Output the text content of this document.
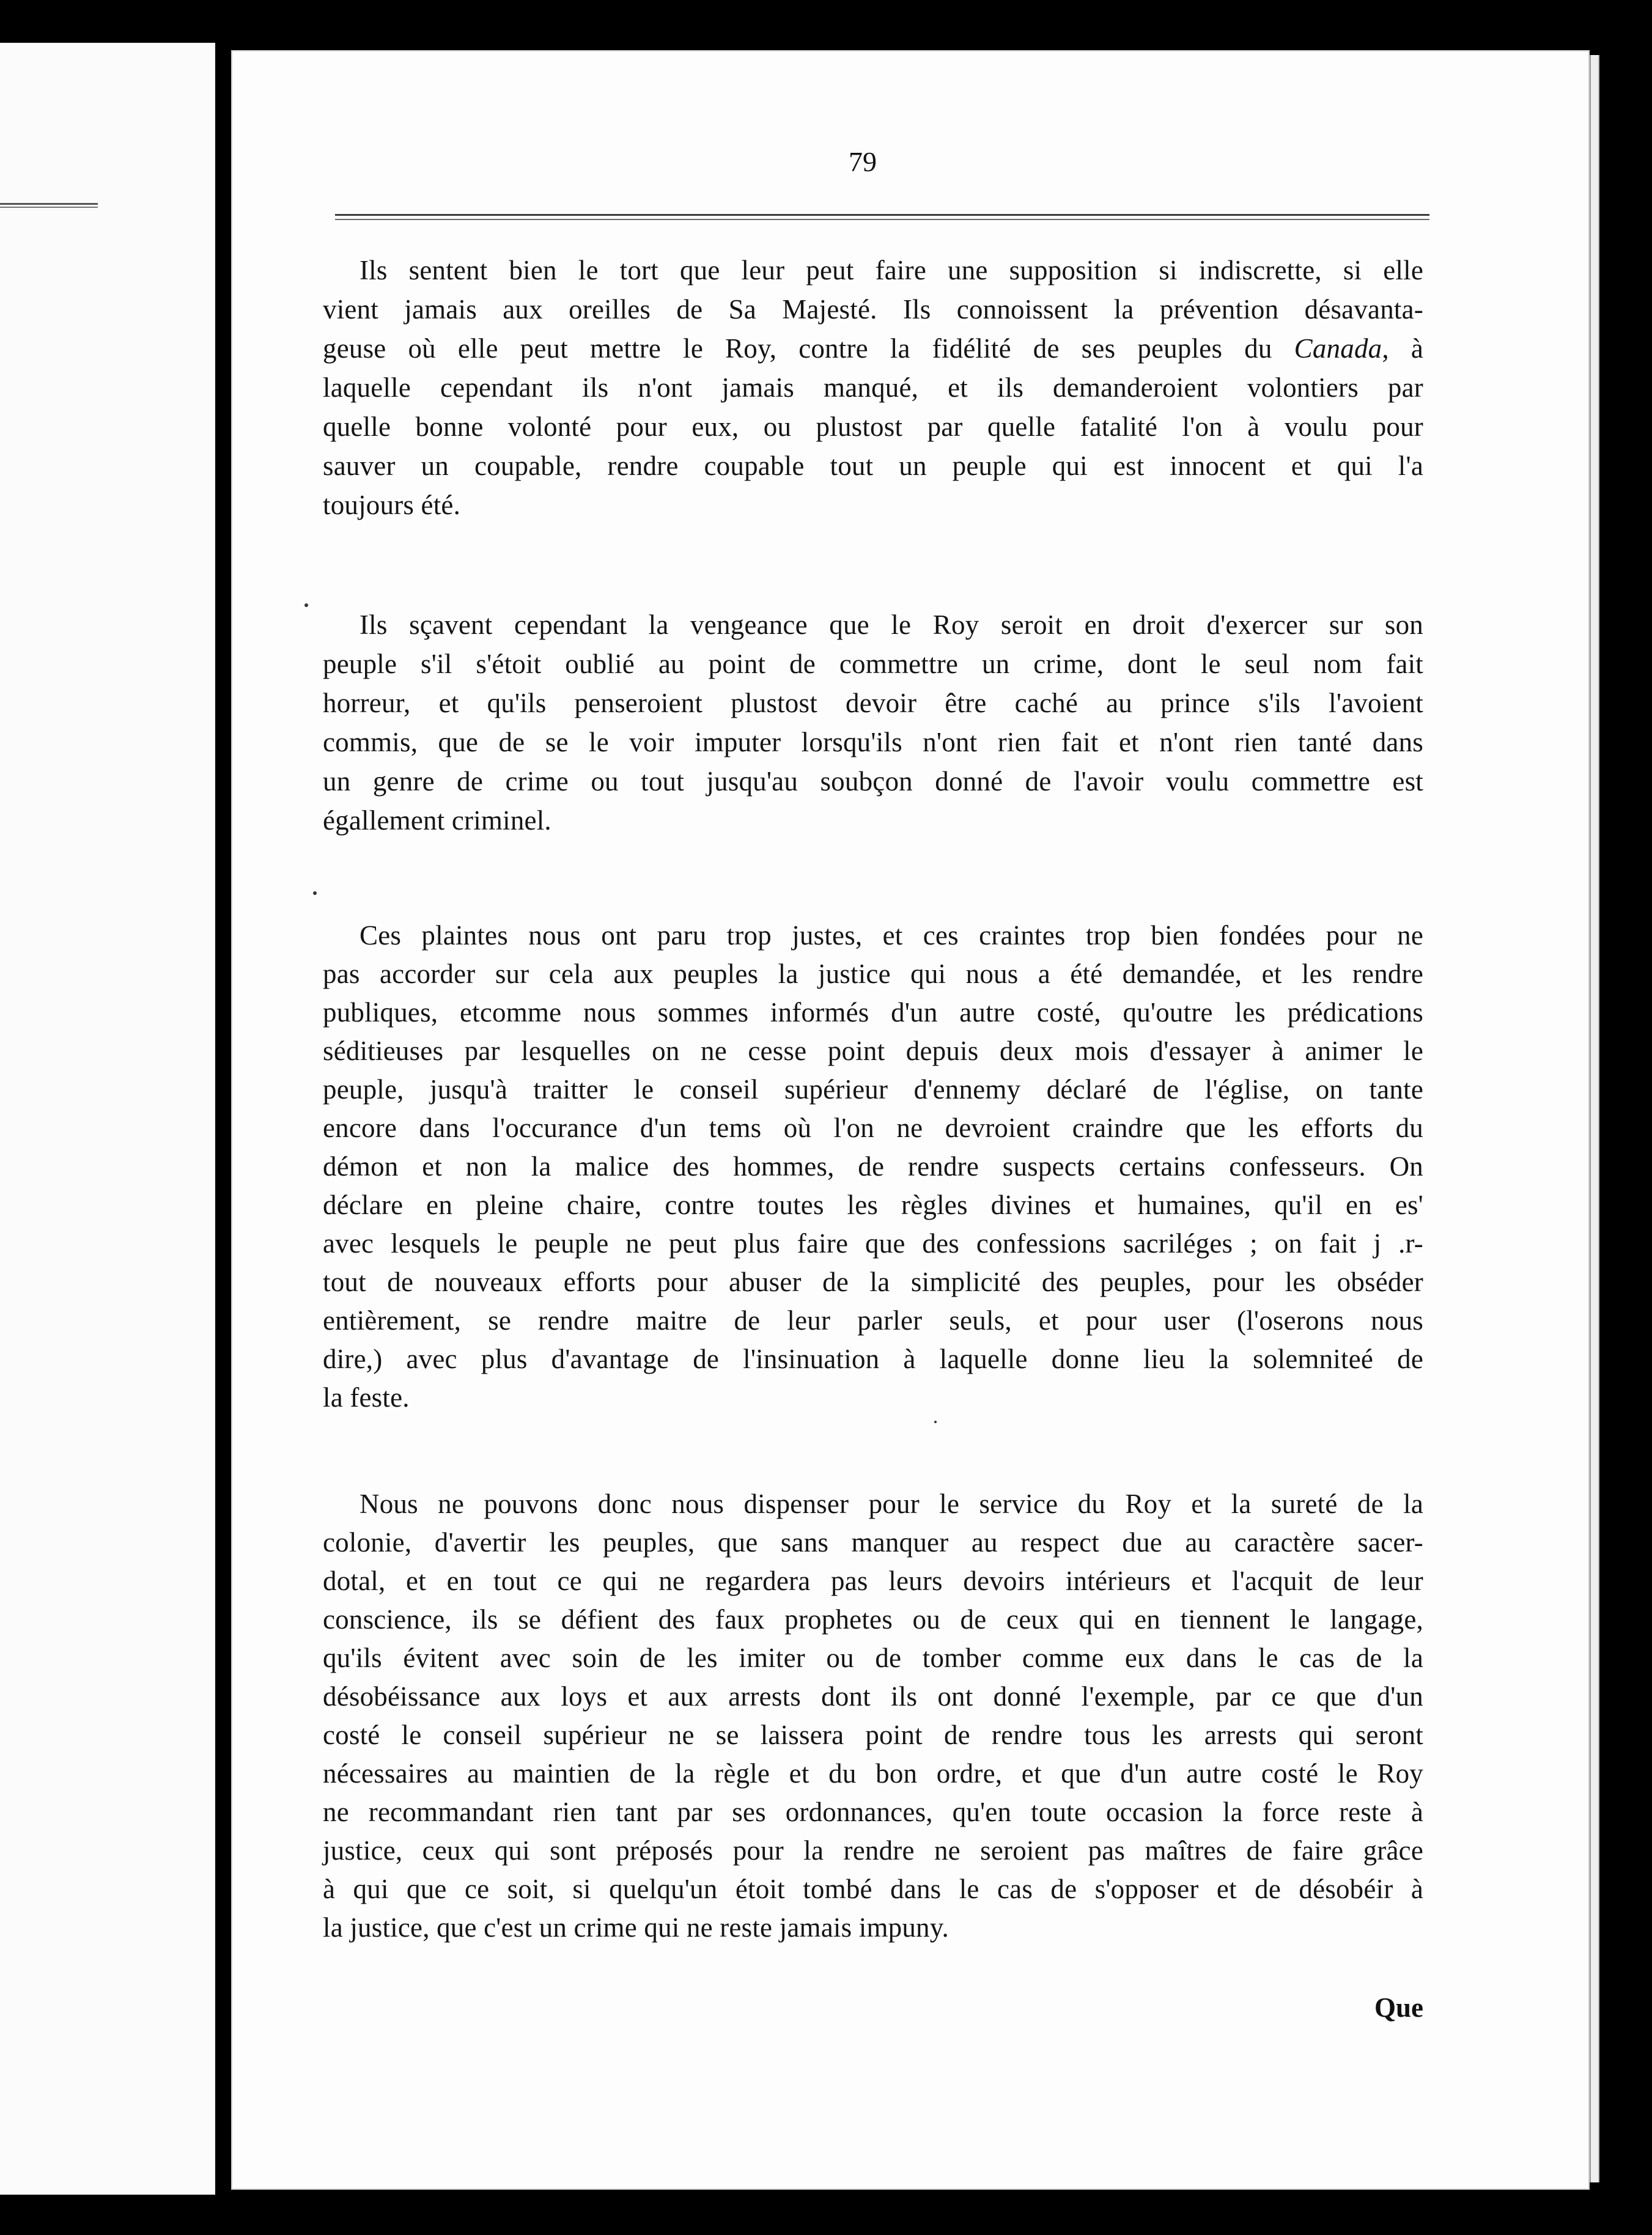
79
Ils sentent bien le tort que leur peut faire une supposition si indiscrette, si elle
vient jamais aux oreilles de Sa Majesté. Ils connoissent la prévention désavanta-
geuse où elle peut mettre le Roy, contre la fidélité de ses peuples du Canada, à
laquelle cependant ils n'ont jamais manqué, et ils demanderoient volontiers par
quelle bonne volonté pour eux, ou plustost par quelle fatalité l'on à voulu pour
sauver un coupable, rendre coupable tout un peuple qui est innocent et qui l'a
toujours été.
Ils sçavent cependant la vengeance que le Roy seroit en droit d'exercer sur son
peuple s'il s'étoit oublié au point de commettre un crime, dont le seul nom fait
horreur, et qu'ils penseroient plustost devoir être caché au prince s'ils l'avoient
commis, que de se le voir imputer lorsqu'ils n'ont rien fait et n'ont rien tanté dans
un genre de crime ou tout jusqu'au soubçon donné de l'avoir voulu commettre est
égallement criminel.
Ces plaintes nous ont paru trop justes, et ces craintes trop bien fondées pour ne
pas accorder sur cela aux peuples la justice qui nous a été demandée, et les rendre
publiques, etcomme nous sommes informés d'un autre costé, qu'outre les prédications
séditieuses par lesquelles on ne cesse point depuis deux mois d'essayer à animer le
peuple, jusqu'à traitter le conseil supérieur d'ennemy déclaré de l'église, on tante
encore dans l'occurance d'un tems où l'on ne devroient craindre que les efforts du
démon et non la malice des hommes, de rendre suspects certains confesseurs. On
déclare en pleine chaire, contre toutes les règles divines et humaines, qu'il en es'
avec lesquels le peuple ne peut plus faire que des confessions sacriléges ; on fait j .r-
tout de nouveaux efforts pour abuser de la simplicité des peuples, pour les obséder
entièrement, se rendre maitre de leur parler seuls, et pour user (l'oserons nous
dire,) avec plus d'avantage de l'insinuation à laquelle donne lieu la solemniteé de
la feste.
Nous ne pouvons donc nous dispenser pour le service du Roy et la sureté de la
colonie, d'avertir les peuples, que sans manquer au respect due au caractère sacer-
dotal, et en tout ce qui ne regardera pas leurs devoirs intérieurs et l'acquit de leur
conscience, ils se défient des faux prophetes ou de ceux qui en tiennent le langage,
qu'ils évitent avec soin de les imiter ou de tomber comme eux dans le cas de la
désobéissance aux loys et aux arrests dont ils ont donné l'exemple, par ce que d'un
costé le conseil supérieur ne se laissera point de rendre tous les arrests qui seront
nécessaires au maintien de la règle et du bon ordre, et que d'un autre costé le Roy
ne recommandant rien tant par ses ordonnances, qu'en toute occasion la force reste à
justice, ceux qui sont préposés pour la rendre ne seroient pas maîtres de faire grâce
à qui que ce soit, si quelqu'un étoit tombé dans le cas de s'opposer et de désobéir à
la justice, que c'est un crime qui ne reste jamais impuny.
Que
